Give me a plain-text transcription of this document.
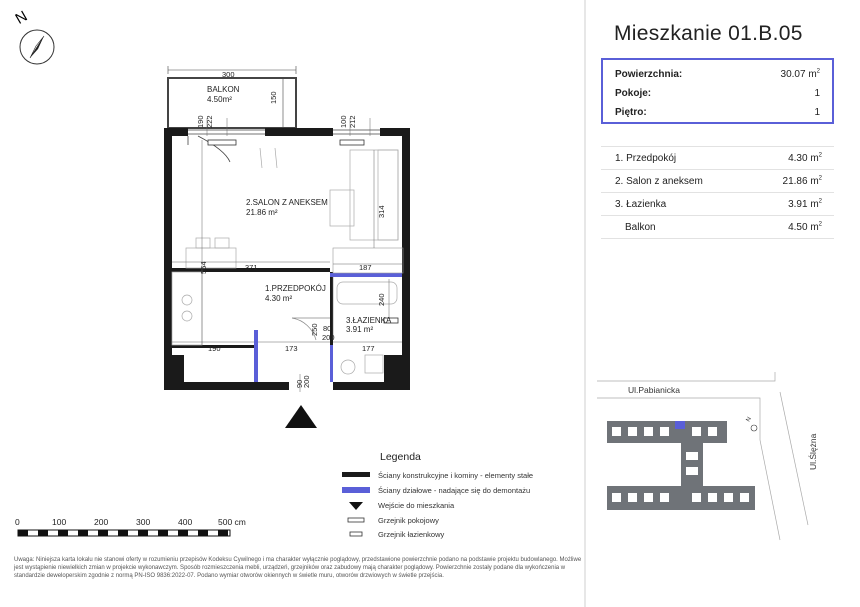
N
BALKON
4.50m²
2.SALON Z ANEKSEM
21.86 m²
1.PRZEDPOKÓJ
4.30 m²
3.ŁAZIENKA
3.91 m²
300
150
190 222	100 212
314
564	371	187
240
250 80
200
190	173	177
90
200
0	100	200	300	400	500 cm
Ul.Pabianicka
Ul.Ślężna
N
Mieszkanie 01.B.05
Powierzchnia:	30.07 $m^2$
Pokoje:	1
Piętro:	1
1. Przedpokój	4.30 $m^2$
2. Salon z aneksem	21.86 $m^2$
3. Łazienka	3.91 $m^2$
Balkon	4.50 $m^2$
Legenda
Ściany konstrukcyjne i kominy - elementy stałe
Ściany działowe - nadające się do demontażu
Wejście do mieszkania
Grzejnik pokojowy
Grzejnik łazienkowy
Uwaga: Niniejsza karta lokalu nie stanowi oferty w rozumieniu przepisów Kodeksu Cywilnego i ma charakter wyłącznie poglądowy, przedstawione powierzchnie podano na podstawie projektu budowlanego. Możliwe jest wystąpienie niewielkich zmian w projekcie wykonawczym. Sposób rozmieszczenia mebli, urządzeń, grzejników oraz zabudowy mają charakter poglądowy. Powierzchnie zostały podane dla wykończenia w standardzie deweloperskim zgodnie z normą PN-ISO 9836:2022-07. Podano wymiar otworów okiennych w świetle muru, otworów drzwiowych w świetle przejścia.
